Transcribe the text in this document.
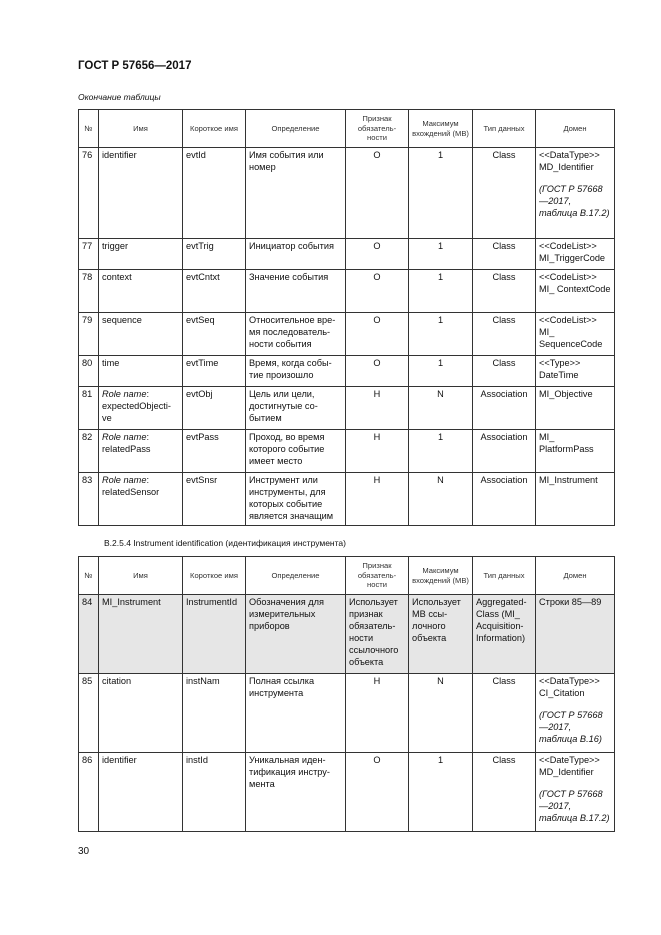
ГОСТ Р 57656—2017
Окончание таблицы
№	Имя	Короткое имя	Определение	Признак обязатель-ности	Максимум вхождений (MB)	Тип данных	Домен
76	identifier	evtId	Имя события или номер	O	1	Class	<<DataType>> MD_Identifier
(ГОСТ Р 57668—2017, таблица B.17.2)
77	trigger	evtTrig	Инициатор события	O	1	Class	<<CodeList>> MI_TriggerCode
78	context	evtCntxt	Значение события	O	1	Class	<<CodeList>> MI_ ContextCode
79	sequence	evtSeq	Относительное вре-мя последователь-ности события	O	1	Class	<<CodeList>> MI_ SequenceCode
80	time	evtTime	Время, когда собы-тие произошло	O	1	Class	<<Type>> DateTime
81	Role name:
expectedObjecti-ve	evtObj	Цель или цели, достигнутые со-бытием	Н	N	Association	MI_Objective
82	Role name:
relatedPass	evtPass	Проход, во время которого событие имеет место	Н	1	Association	MI_ PlatformPass
83	Role name:
relatedSensor	evtSnsr	Инструмент или инструменты, для которых событие является значащим	Н	N	Association	MI_Instrument
B.2.5.4 Instrument identification (идентификация инструмента)
№	Имя	Короткое имя	Определение	Признак обязатель-ности	Максимум вхождений (MB)	Тип данных	Домен
84	MI_Instrument	InstrumentId	Обозначения для измерительных приборов	Использует признак обязатель-ности ссылочного объекта	Использует MB ссы-лочного объекта	Aggregated-Class (MI_ Acquisition-Information)	Строки 85—89
85	citation	instNam	Полная ссылка инструмента	Н	N	Class	<<DataType>> CI_Citation
(ГОСТ Р 57668—2017, таблица B.16)
86	identifier	instId	Уникальная иден-тификация инстру-мента	O	1	Class	<<DateType>> MD_Identifier
(ГОСТ Р 57668—2017, таблица B.17.2)
30
